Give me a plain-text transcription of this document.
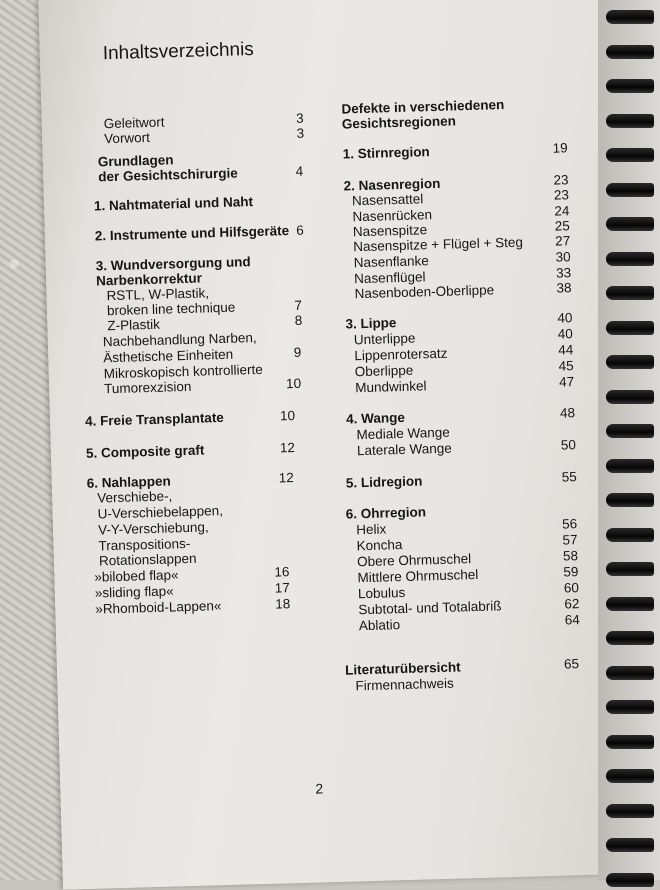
Inhaltsverzeichnis
2
Geleitwort	3
Vorwort	3
Grundlagen
der Gesichtschirurgie	4
1. Nahtmaterial und Naht
2. Instrumente und Hilfsgeräte 6
3. Wundversorgung und
Narbenkorrektur
RSTL, W-Plastik,
broken line technique	7
Z-Plastik	8
Nachbehandlung Narben,
Ästhetische Einheiten	9
Mikroskopisch kontrollierte
Tumorexzision	10
4. Freie Transplantate	10
5. Composite graft	12
6. Nahlappen	12
Verschiebe-,
U-Verschiebelappen,
V-Y-Verschiebung,
Transpositions-
Rotationslappen
»bilobed flap«	16
»sliding flap«	17
»Rhomboid-Lappen«	18
Defekte in verschiedenen
Gesichtsregionen
1. Stirnregion	19
2. Nasenregion	23
Nasensattel	23
Nasenrücken	24
Nasenspitze	25
Nasenspitze + Flügel + Steg	27
Nasenflanke	30
Nasenflügel	33
Nasenboden-Oberlippe	38
3. Lippe	40
Unterlippe	40
Lippenrotersatz	44
Oberlippe	45
Mundwinkel	47
4. Wange	48
Mediale Wange
Laterale Wange	50
5. Lidregion	55
6. Ohrregion
Helix	56
Koncha	57
Obere Ohrmuschel	58
Mittlere Ohrmuschel	59
Lobulus	60
Subtotal- und Totalabriß	62
Ablatio	64
Literaturübersicht	65
Firmennachweis
